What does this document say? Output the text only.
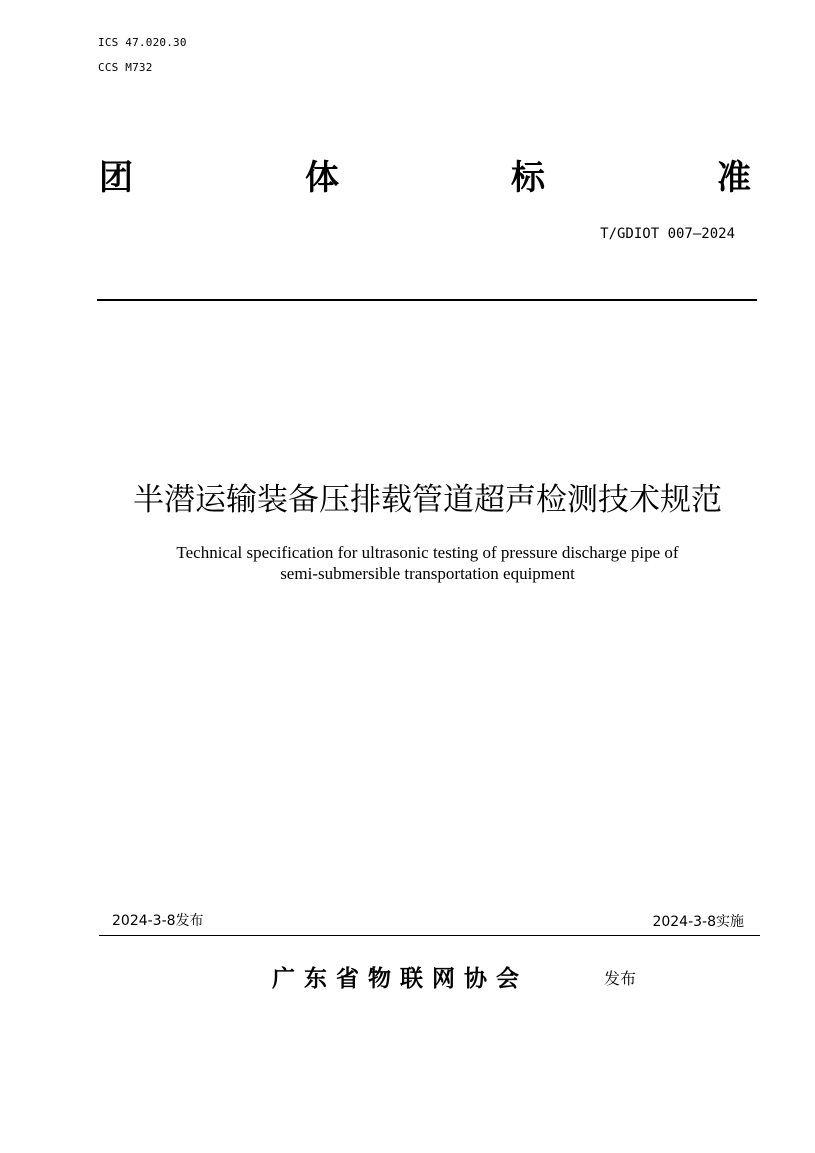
ICS 47.020.30
CCS M732
团	体	标	准
T/GDIOT 007—2024
半潜运输装备压排载管道超声检测技术规范
Technical specification for ultrasonic testing of pressure discharge pipe of
semi-submersible transportation equipment
2024-3-8发布	2024-3-8实施
广东省物联网协会	发布
